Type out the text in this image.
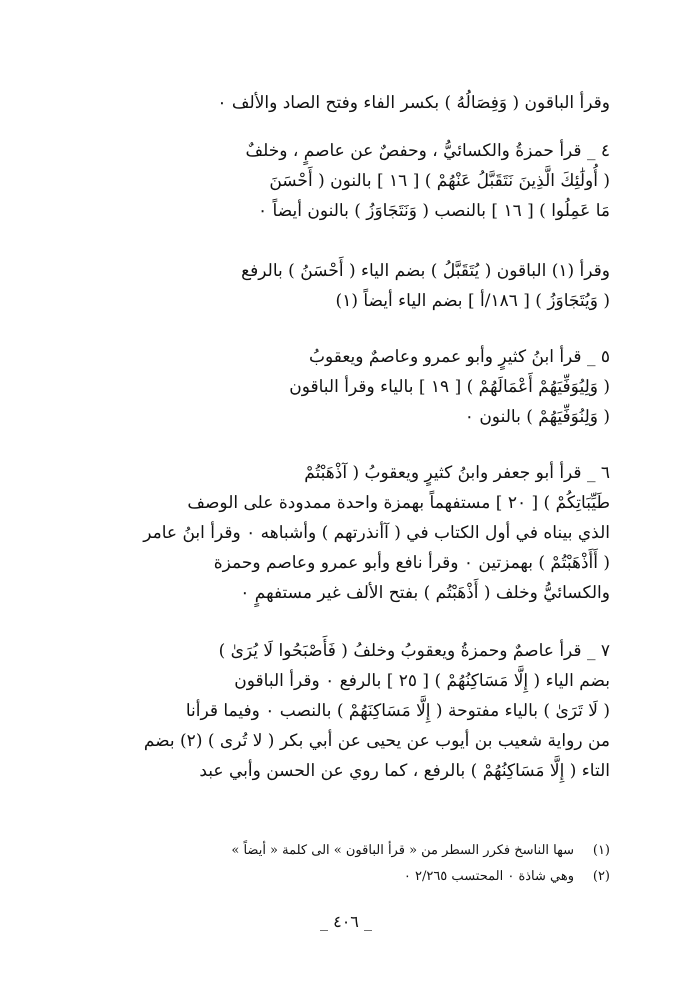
وقرأ الباقون ( وَفِصَالُهُ ) بكسر الفاء وفتح الصاد والألف ٠

٤ _ قرأ حمزةُ والكسائيُّ ، وحفصٌ عن عاصمٍ ، وخلفٌ

( أُولَٰئِكَ الَّذِينَ نَتَقَبَّلُ عَنْهُمْ ) [ ١٦ ] بالنون ( أَحْسَنَ

مَا عَمِلُوا ) [ ١٦ ] بالنصب ( وَنَتَجَاوَزُ ) بالنون أيضاً ٠

وقرأ (١) الباقون ( يُتَقَبَّلُ ) بضم الياء ( أَحْسَنُ ) بالرفع

( وَيُتَجَاوَزُ ) [ ١٨٦/أ ] بضم الياء أيضاً (١)

٥ _ قرأ ابنُ كثيرٍ وأبو عمرو وعاصمٌ ويعقوبُ

( وَلِيُوَفِّيَهُمْ أَعْمَالَهُمْ ) [ ١٩ ] بالياء وقرأ الباقون

( وَلِنُوَفِّيَهُمْ ) بالنون ٠

٦ _ قرأ أبو جعفر وابنُ كثيرٍ ويعقوبُ ( آذْهَبْتُمْ

طَيِّبَاتِكُمْ ) [ ٢٠ ] مستفهماً بهمزة واحدة ممدودة على الوصف

الذي بيناه في أول الكتاب في ( آأنذرتهم ) وأشباهه ٠ وقرأ ابنُ عامر

( أَأَذْهَبْتُمْ ) بهمزتين ٠ وقرأ نافع وأبو عمرو وعاصم وحمزة

والكسائيُّ وخلف ( أَذْهَبْتُم ) بفتح الألف غير مستفهمٍ ٠

٧ _ قرأ عاصمٌ وحمزةُ ويعقوبُ وخلفُ ( فَأَصْبَحُوا لَا يُرَىٰ )

بضم الياء ( إِلَّا مَسَاكِنُهُمْ ) [ ٢٥ ] بالرفع ٠ وقرأ الباقون

( لَا تَرَىٰ ) بالياء مفتوحة ( إِلَّا مَسَاكِنَهُمْ ) بالنصب ٠ وفيما قرأنا

من رواية شعيب بن أيوب عن يحيى عن أبي بكر ( لا تُرى ) (٢) بضم

التاء ( إِلَّا مَسَاكِنُهُمْ ) بالرفع ، كما روي عن الحسن وأبي عبد

(١)
سها الناسخ فكرر السطر من « قرأ الباقون » الى كلمة « أيضاً »
(٢)
وهي شاذة ٠ المحتسب ٢/٢٦٥ ٠
_ ٤٠٦ _
